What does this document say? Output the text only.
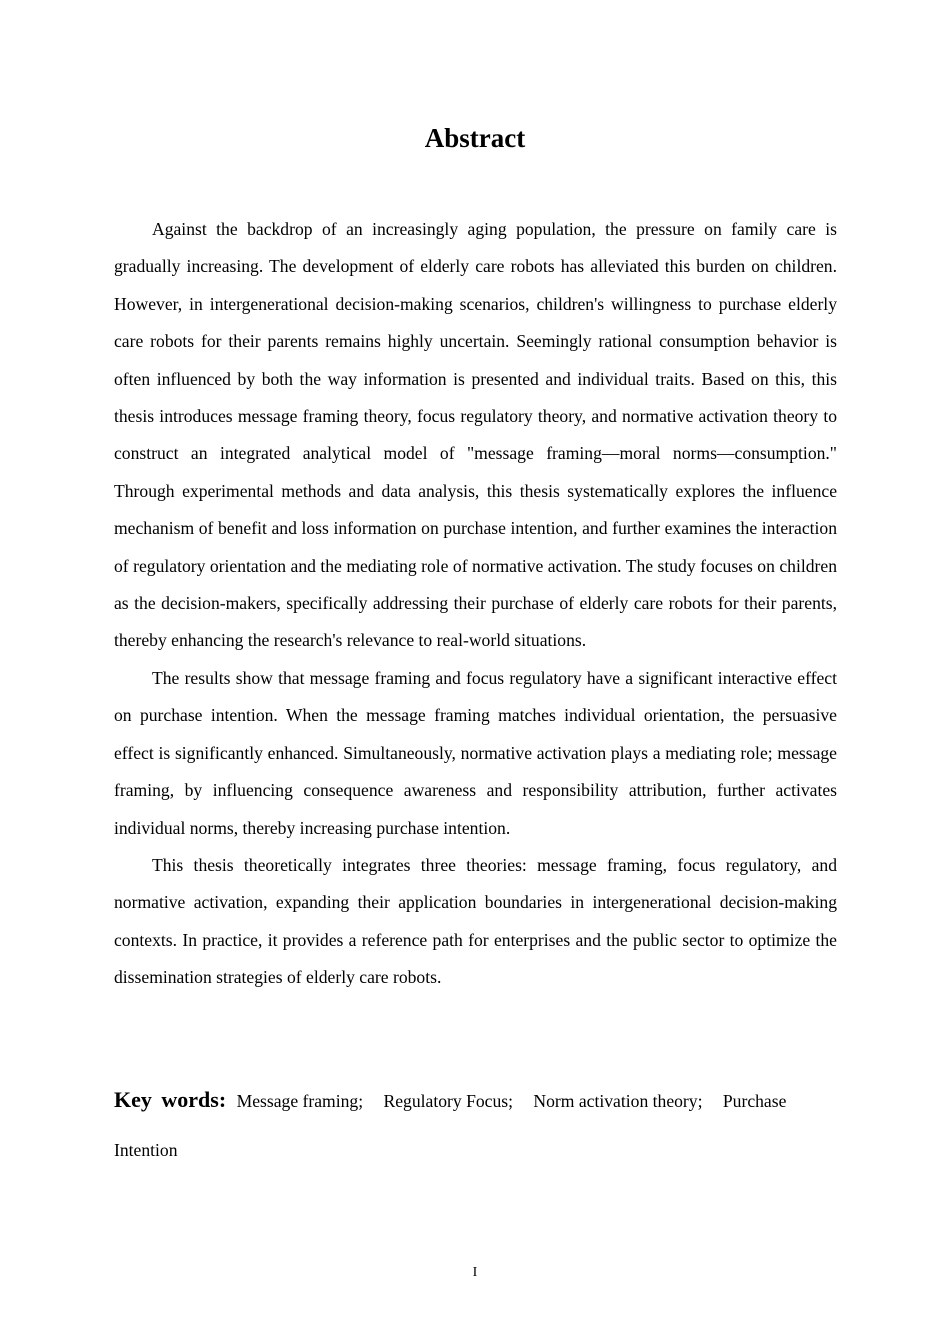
Abstract

Against the backdrop of an increasingly aging population, the pressure on family care is gradually increasing. The development of elderly care robots has alleviated this burden on children. However, in intergenerational decision-making scenarios, children's willingness to purchase elderly care robots for their parents remains highly uncertain. Seemingly rational consumption behavior is often influenced by both the way information is presented and individual traits. Based on this, this thesis introduces message framing theory, focus regulatory theory, and normative activation theory to construct an integrated analytical model of "message framing—moral norms—consumption." Through experimental methods and data analysis, this thesis systematically explores the influence mechanism of benefit and loss information on purchase intention, and further examines the interaction of regulatory orientation and the mediating role of normative activation. The study focuses on children as the decision-makers, specifically addressing their purchase of elderly care robots for their parents, thereby enhancing the research's relevance to real-world situations.

The results show that message framing and focus regulatory have a significant interactive effect on purchase intention. When the message framing matches individual orientation, the persuasive effect is significantly enhanced. Simultaneously, normative activation plays a mediating role; message framing, by influencing consequence awareness and responsibility attribution, further activates individual norms, thereby increasing purchase intention.

This thesis theoretically integrates three theories: message framing, focus regulatory, and normative activation, expanding their application boundaries in intergenerational decision-making contexts. In practice, it provides a reference path for enterprises and the public sector to optimize the dissemination strategies of elderly care robots.

Key words: Message framing; Regulatory Focus; Norm activation theory; Purchase Intention

I
